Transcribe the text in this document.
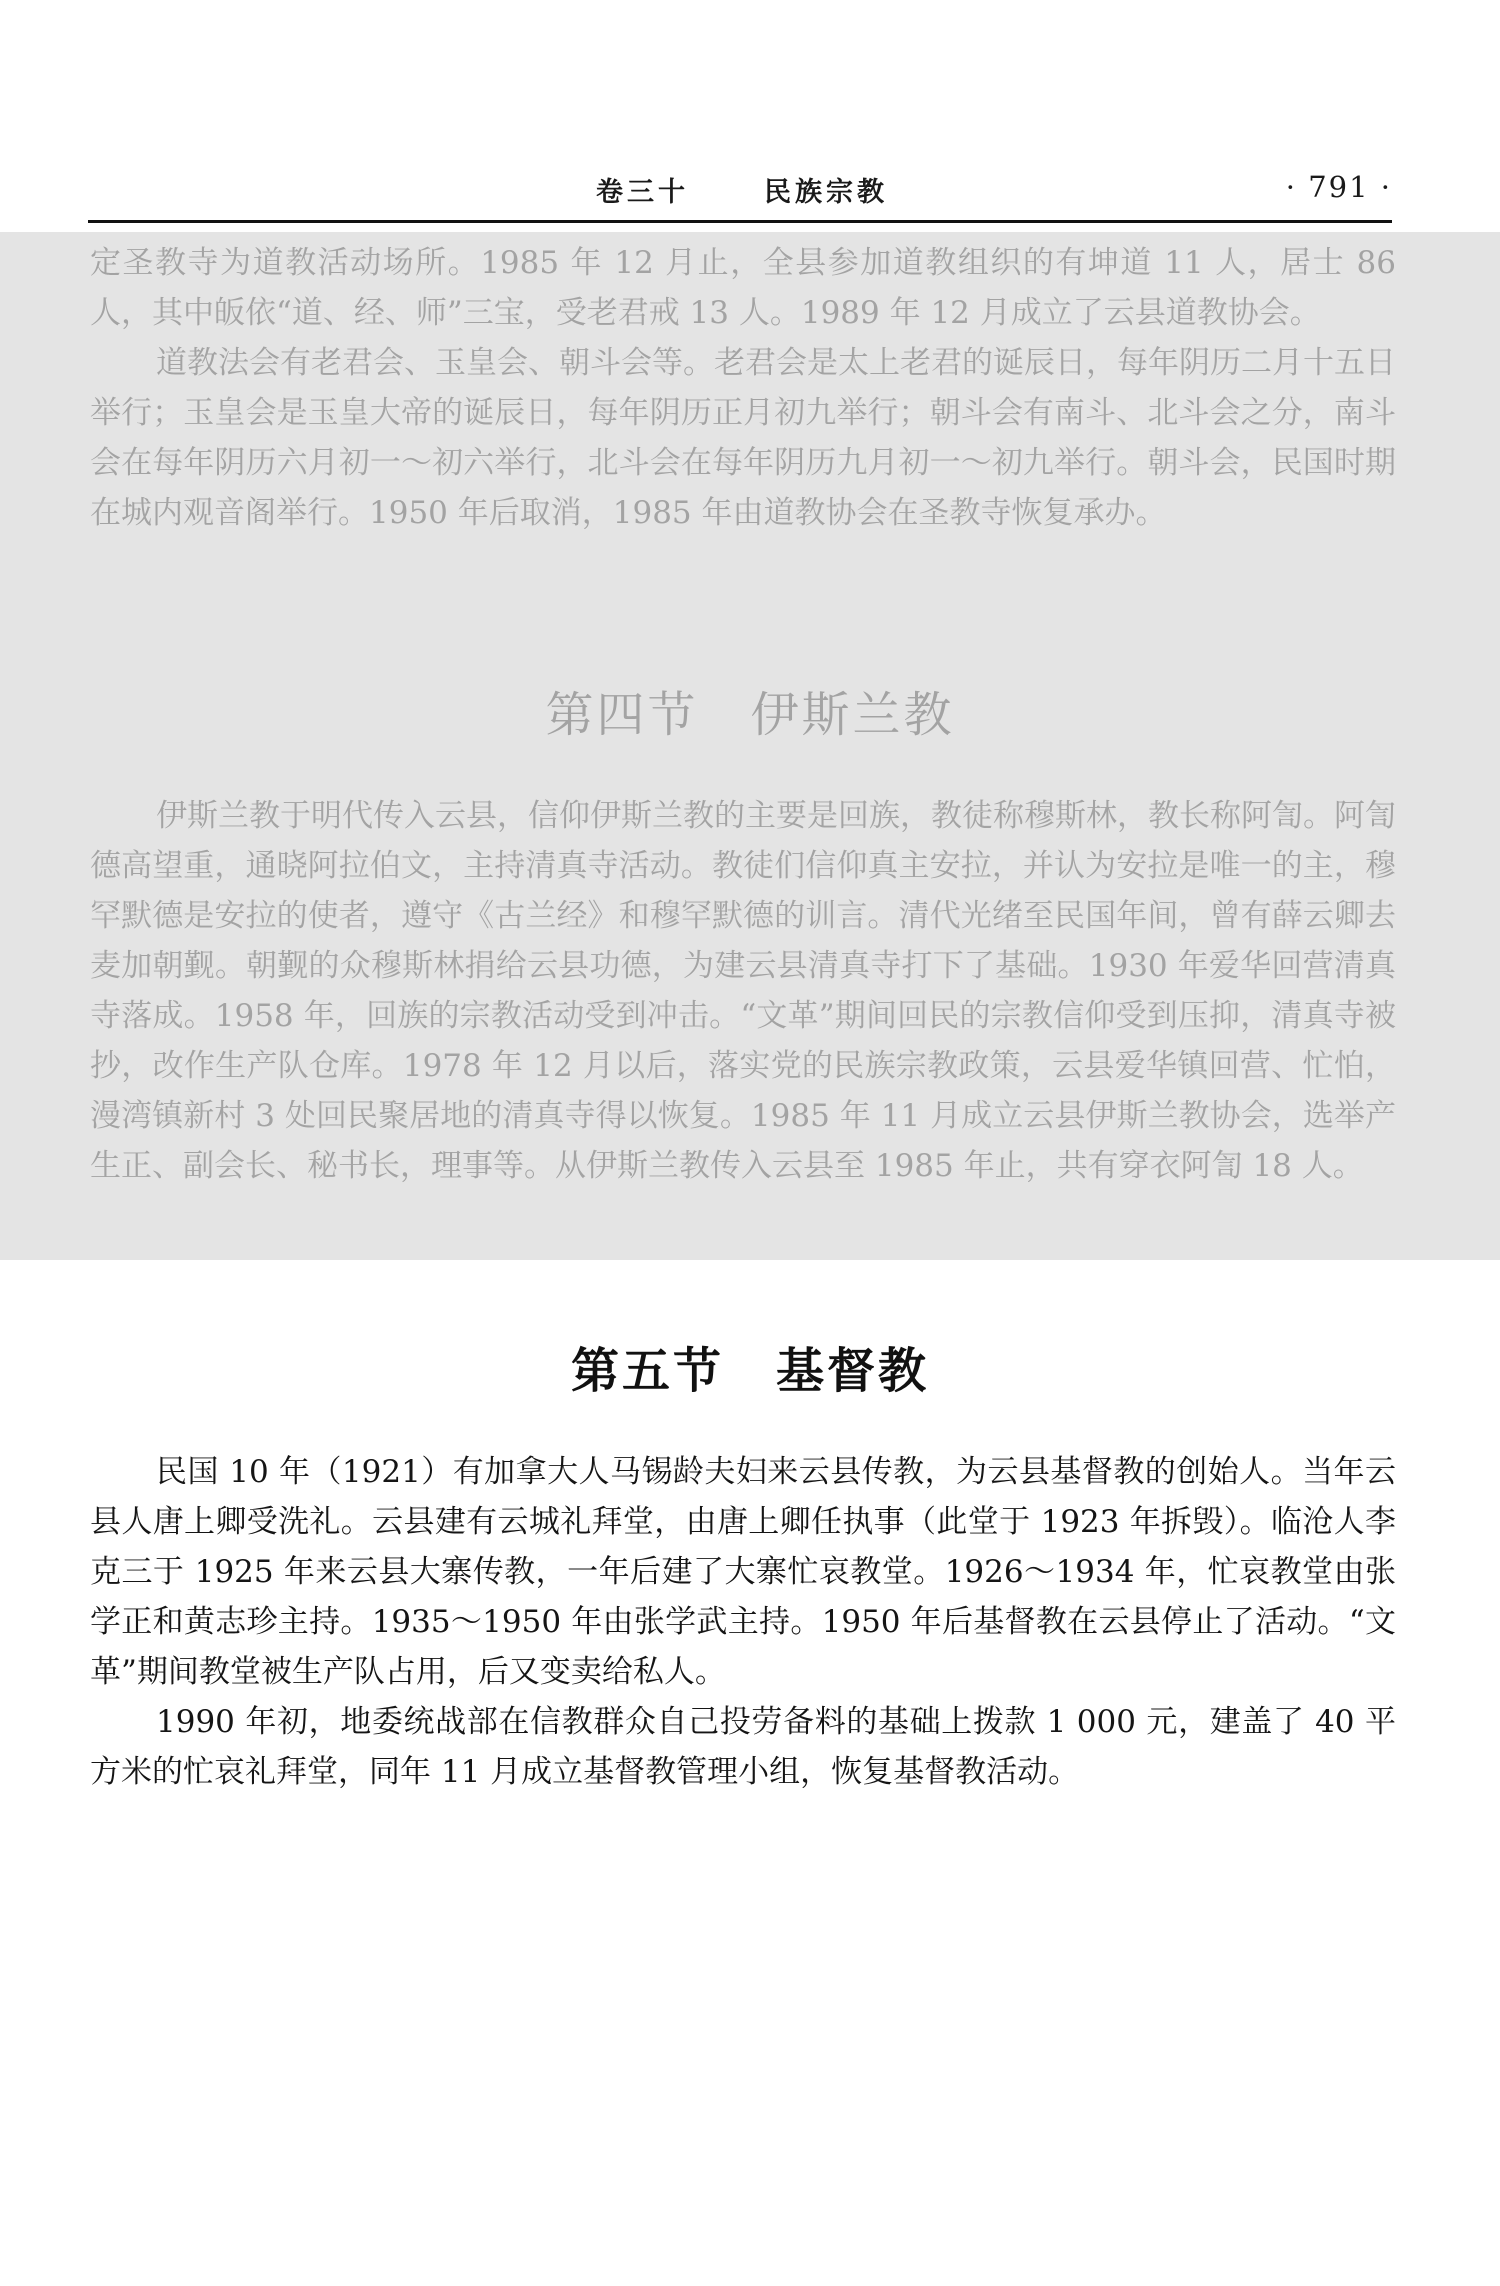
卷三十	民族宗教	· 791 ·

定圣教寺为道教活动场所。1985 年 12 月止，全县参加道教组织的有坤道 11 人，居士 86 人，其中皈依“道、经、师”三宝，受老君戒 13 人。1989 年 12 月成立了云县道教协会。

道教法会有老君会、玉皇会、朝斗会等。老君会是太上老君的诞辰日，每年阴历二月十五日举行；玉皇会是玉皇大帝的诞辰日，每年阴历正月初九举行；朝斗会有南斗、北斗会之分，南斗会在每年阴历六月初一～初六举行，北斗会在每年阴历九月初一～初九举行。朝斗会，民国时期在城内观音阁举行。1950 年后取消，1985 年由道教协会在圣教寺恢复承办。

第四节 伊斯兰教

伊斯兰教于明代传入云县，信仰伊斯兰教的主要是回族，教徒称穆斯林，教长称阿訇。阿訇德高望重，通晓阿拉伯文，主持清真寺活动。教徒们信仰真主安拉，并认为安拉是唯一的主，穆罕默德是安拉的使者，遵守《古兰经》和穆罕默德的训言。清代光绪至民国年间，曾有薛云卿去麦加朝觐。朝觐的众穆斯林捐给云县功德，为建云县清真寺打下了基础。1930 年爱华回营清真寺落成。1958 年，回族的宗教活动受到冲击。“文革”期间回民的宗教信仰受到压抑，清真寺被抄，改作生产队仓库。1978 年 12 月以后，落实党的民族宗教政策，云县爱华镇回营、忙怕，漫湾镇新村 3 处回民聚居地的清真寺得以恢复。1985 年 11 月成立云县伊斯兰教协会，选举产生正、副会长、秘书长，理事等。从伊斯兰教传入云县至 1985 年止，共有穿衣阿訇 18 人。

第五节 基督教

民国 10 年（1921）有加拿大人马锡龄夫妇来云县传教，为云县基督教的创始人。当年云县人唐上卿受洗礼。云县建有云城礼拜堂，由唐上卿任执事（此堂于 1923 年拆毁）。临沧人李克三于 1925 年来云县大寨传教，一年后建了大寨忙哀教堂。1926～1934 年，忙哀教堂由张学正和黄志珍主持。1935～1950 年由张学武主持。1950 年后基督教在云县停止了活动。“文革”期间教堂被生产队占用，后又变卖给私人。

1990 年初，地委统战部在信教群众自己投劳备料的基础上拨款 1 000 元，建盖了 40 平方米的忙哀礼拜堂，同年 11 月成立基督教管理小组，恢复基督教活动。
